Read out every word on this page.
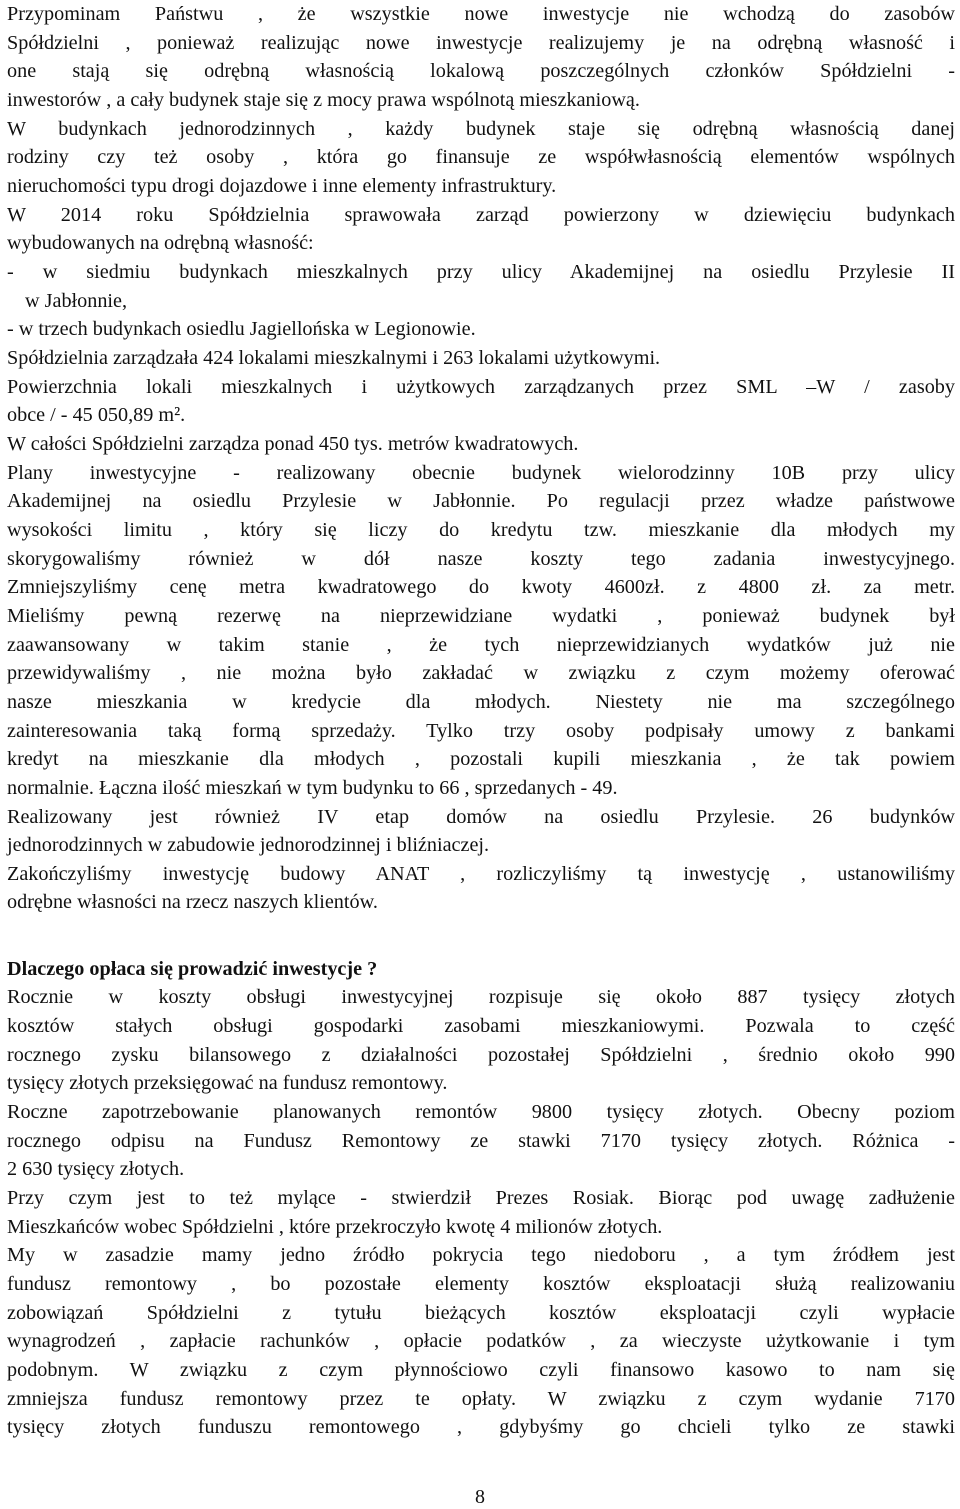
Przypominam Państwu , że wszystkie nowe inwestycje nie wchodzą do zasobów
Spółdzielni , ponieważ realizując nowe inwestycje realizujemy je na odrębną własność i
one stają się odrębną własnością lokalową poszczególnych członków Spółdzielni -
inwestorów , a cały budynek staje się z mocy prawa wspólnotą mieszkaniową.
W budynkach jednorodzinnych , każdy budynek staje się odrębną własnością danej
rodziny czy też osoby , która go finansuje ze współwłasnością elementów wspólnych
nieruchomości typu drogi dojazdowe i inne elementy infrastruktury.
W 2014 roku Spółdzielnia sprawowała zarząd powierzony w dziewięciu budynkach
wybudowanych na odrębną własność:
- w siedmiu budynkach mieszkalnych przy ulicy Akademijnej na osiedlu Przylesie II
w Jabłonnie,
- w trzech budynkach osiedlu Jagiellońska w Legionowie.
Spółdzielnia zarządzała 424 lokalami mieszkalnymi i 263 lokalami użytkowymi.
Powierzchnia lokali mieszkalnych i użytkowych zarządzanych przez SML –W / zasoby
obce / - 45 050,89 m².
W całości Spółdzielni zarządza ponad 450 tys. metrów kwadratowych.
Plany inwestycyjne - realizowany obecnie budynek wielorodzinny 10B przy ulicy
Akademijnej na osiedlu Przylesie w Jabłonnie. Po regulacji przez władze państwowe
wysokości limitu , który się liczy do kredytu tzw. mieszkanie dla młodych my
skorygowaliśmy również w dół nasze koszty tego zadania inwestycyjnego.
Zmniejszyliśmy cenę metra kwadratowego do kwoty 4600zł. z 4800 zł. za metr.
Mieliśmy pewną rezerwę na nieprzewidziane wydatki , ponieważ budynek był
zaawansowany w takim stanie , że tych nieprzewidzianych wydatków już nie
przewidywaliśmy , nie można było zakładać w związku z czym możemy oferować
nasze mieszkania w kredycie dla młodych. Niestety nie ma szczególnego
zainteresowania taką formą sprzedaży. Tylko trzy osoby podpisały umowy z bankami
kredyt na mieszkanie dla młodych , pozostali kupili mieszkania , że tak powiem
normalnie. Łączna ilość mieszkań w tym budynku to 66 , sprzedanych - 49.
Realizowany jest również IV etap domów na osiedlu Przylesie. 26 budynków
jednorodzinnych w zabudowie jednorodzinnej i bliźniaczej.
Zakończyliśmy inwestycję budowy ANAT , rozliczyliśmy tą inwestycję , ustanowiliśmy
odrębne własności na rzecz naszych klientów.
Dlaczego opłaca się prowadzić inwestycje ?
Rocznie w koszty obsługi inwestycyjnej rozpisuje się około 887 tysięcy złotych
kosztów stałych obsługi gospodarki zasobami mieszkaniowymi. Pozwala to część
rocznego zysku bilansowego z działalności pozostałej Spółdzielni , średnio około 990
tysięcy złotych przeksięgować na fundusz remontowy.
Roczne zapotrzebowanie planowanych remontów 9800 tysięcy złotych. Obecny poziom
rocznego odpisu na Fundusz Remontowy ze stawki 7170 tysięcy złotych. Różnica -
2 630 tysięcy złotych.
Przy czym jest to też mylące - stwierdził Prezes Rosiak. Biorąc pod uwagę zadłużenie
Mieszkańców wobec Spółdzielni , które przekroczyło kwotę 4 milionów złotych.
My w zasadzie mamy jedno źródło pokrycia tego niedoboru , a tym źródłem jest
fundusz remontowy , bo pozostałe elementy kosztów eksploatacji służą realizowaniu
zobowiązań Spółdzielni z tytułu bieżących kosztów eksploatacji czyli wypłacie
wynagrodzeń , zapłacie rachunków , opłacie podatków , za wieczyste użytkowanie i tym
podobnym. W związku z czym płynnościowo czyli finansowo kasowo to nam się
zmniejsza fundusz remontowy przez te opłaty. W związku z czym wydanie 7170
tysięcy złotych funduszu remontowego , gdybyśmy go chcieli tylko ze stawki
8
